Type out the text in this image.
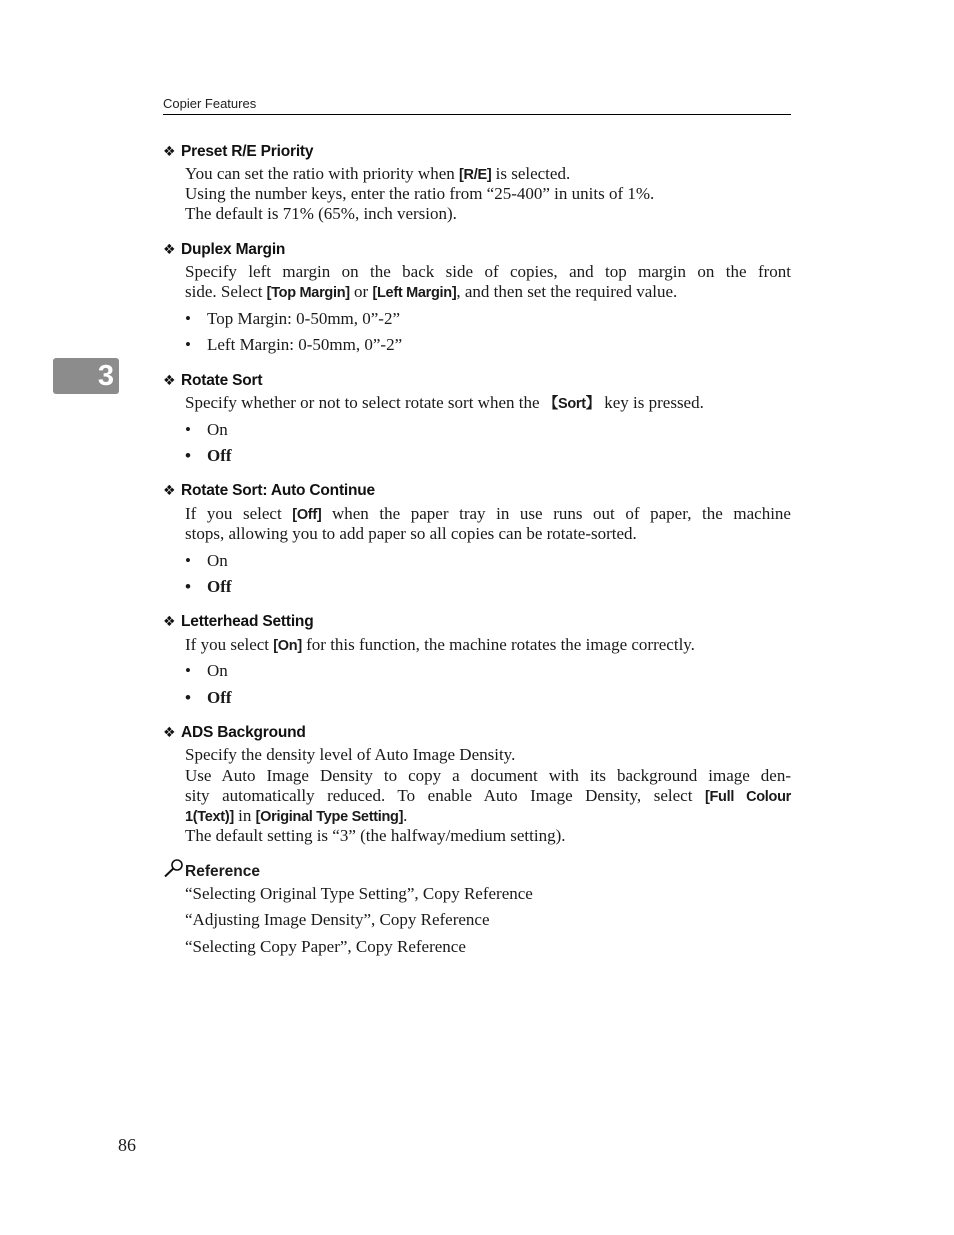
Copier Features
3
❖ Preset R/E Priority
You can set the ratio with priority when [R/E] is selected.
Using the number keys, enter the ratio from “25-400” in units of 1%.
The default is 71% (65%, inch version).
❖ Duplex Margin
Specify left margin on the back side of copies, and top margin on the front
side. Select [Top Margin] or [Left Margin], and then set the required value.
• Top Margin: 0-50mm, 0”-2”
• Left Margin: 0-50mm, 0”-2”
❖ Rotate Sort
Specify whether or not to select rotate sort when the 【Sort】 key is pressed.
• On
• Off
❖ Rotate Sort: Auto Continue
If you select [Off] when the paper tray in use runs out of paper, the machine
stops, allowing you to add paper so all copies can be rotate-sorted.
• On
• Off
❖ Letterhead Setting
If you select [On] for this function, the machine rotates the image correctly.
• On
• Off
❖ ADS Background
Specify the density level of Auto Image Density.
Use Auto Image Density to copy a document with its background image den-
sity automatically reduced. To enable Auto Image Density, select [Full Colour
1(Text)] in [Original Type Setting].
The default setting is “3” (the halfway/medium setting).
Reference
“Selecting Original Type Setting”, Copy Reference
“Adjusting Image Density”, Copy Reference
“Selecting Copy Paper”, Copy Reference
86
